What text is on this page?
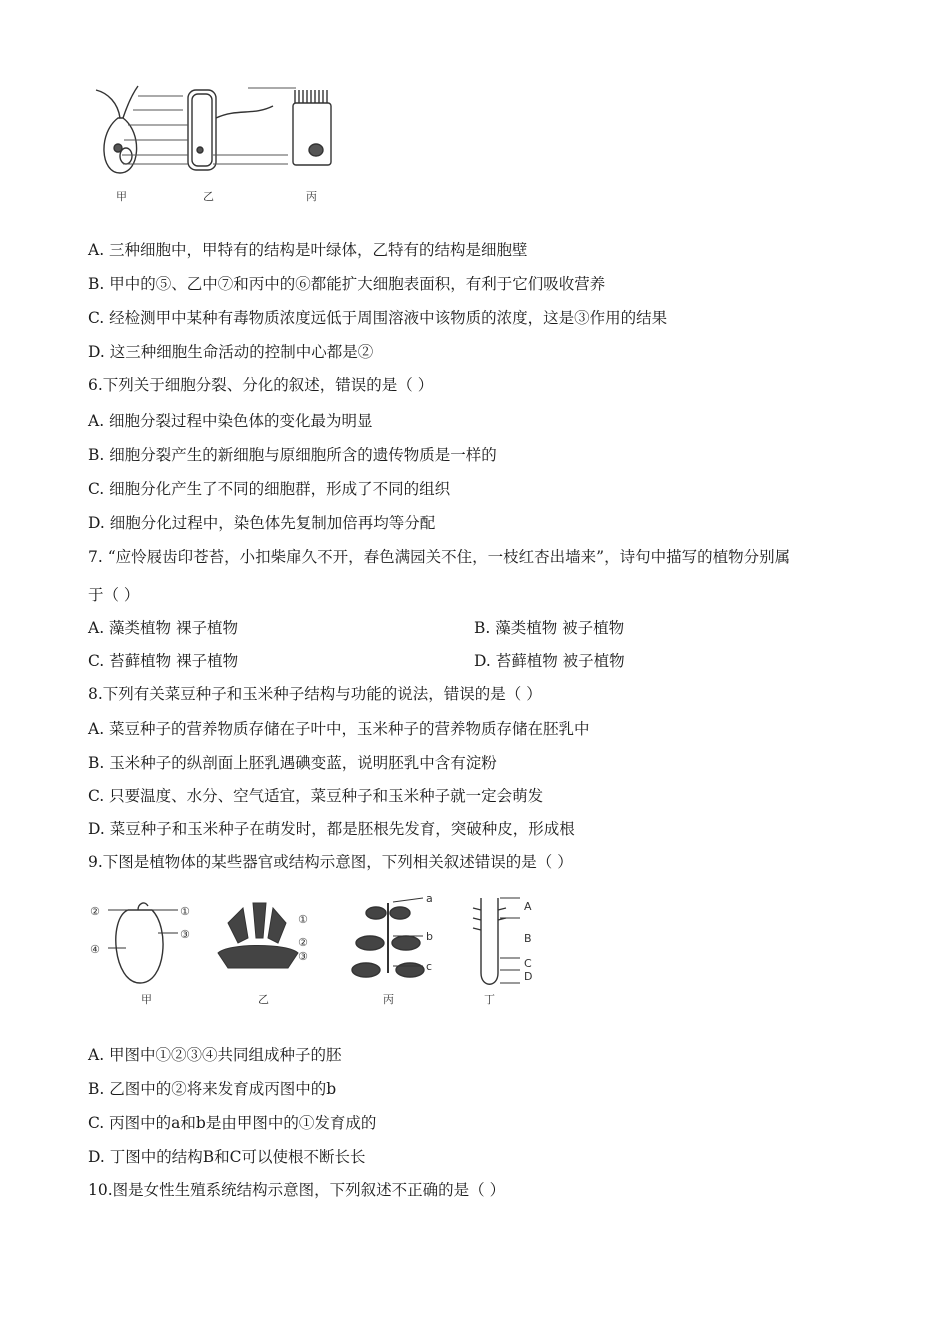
甲	乙	丙
A. 三种细胞中，甲特有的结构是叶绿体，乙特有的结构是细胞壁
B. 甲中的⑤、乙中⑦和丙中的⑥都能扩大细胞表面积，有利于它们吸收营养
C. 经检测甲中某种有毒物质浓度远低于周围溶液中该物质的浓度，这是③作用的结果
D. 这三种细胞生命活动的控制中心都是②
6.下列关于细胞分裂、分化的叙述，错误的是（ ）
A. 细胞分裂过程中染色体的变化最为明显
B. 细胞分裂产生的新细胞与原细胞所含的遗传物质是一样的
C. 细胞分化产生了不同的细胞群，形成了不同的组织
D. 细胞分化过程中，染色体先复制加倍再均等分配
7. “应怜屐齿印苍苔，小扣柴扉久不开，春色满园关不住，一枝红杏出墙来”，诗句中描写的植物分别属
于（ ）
A. 藻类植物 裸子植物	B. 藻类植物 被子植物
C. 苔藓植物 裸子植物	D. 苔藓植物 被子植物
8.下列有关菜豆种子和玉米种子结构与功能的说法，错误的是（ ）
A. 菜豆种子的营养物质存储在子叶中，玉米种子的营养物质存储在胚乳中
B. 玉米种子的纵剖面上胚乳遇碘变蓝，说明胚乳中含有淀粉
C. 只要温度、水分、空气适宜，菜豆种子和玉米种子就一定会萌发
D. 菜豆种子和玉米种子在萌发时，都是胚根先发育，突破种皮，形成根
9.下图是植物体的某些器官或结构示意图，下列相关叙述错误的是（ ）
②	①
③
④
①
②
③
a
b
c
A
B
C
D
甲	乙	丙	丁
A. 甲图中①②③④共同组成种子的胚
B. 乙图中的②将来发育成丙图中的b
C. 丙图中的a和b是由甲图中的①发育成的
D. 丁图中的结构B和C可以使根不断长长
10.图是女性生殖系统结构示意图，下列叙述不正确的是（ ）
